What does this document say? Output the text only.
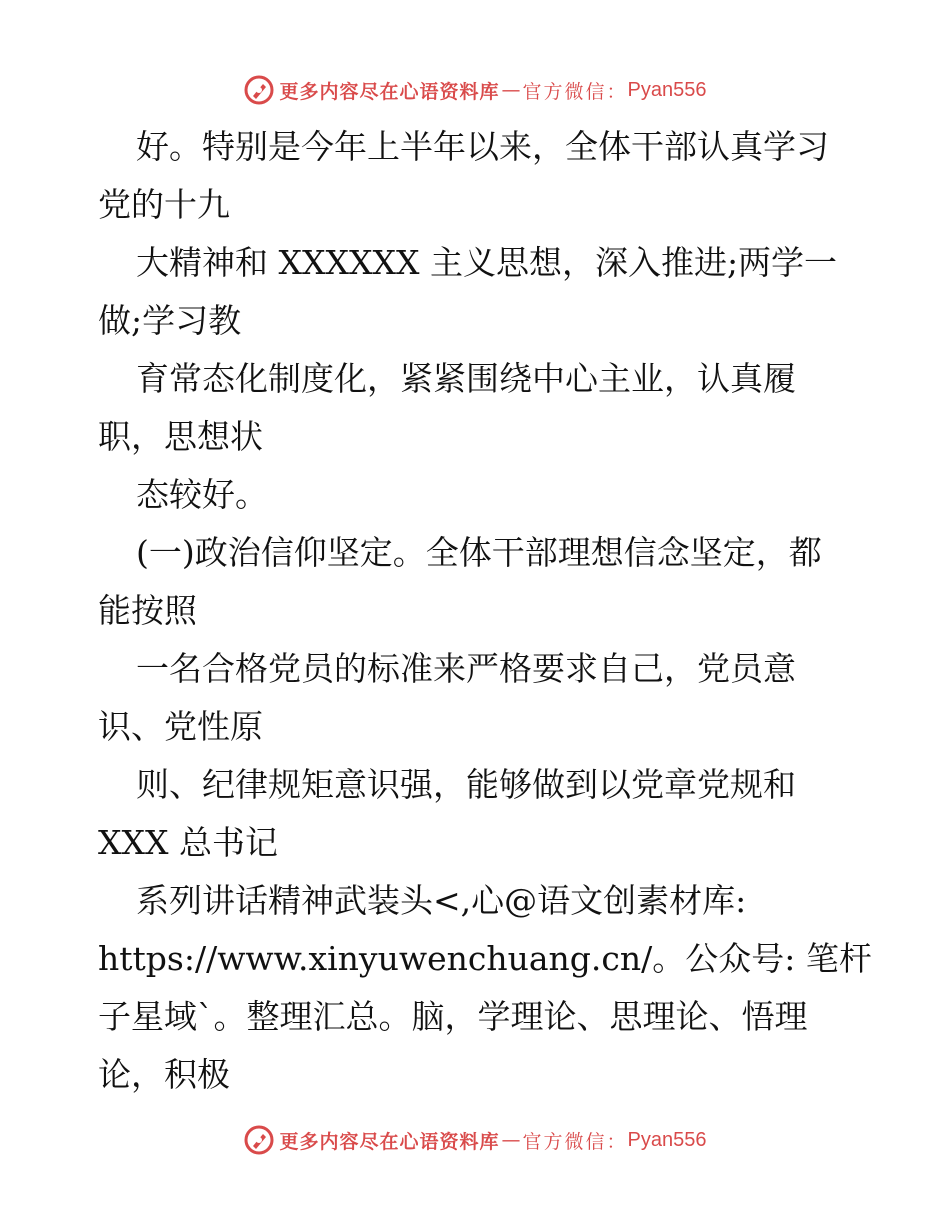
更多内容尽在心语资料库 — 官方微信： Pyan556
好。特别是今年上半年以来，全体干部认真学习
党的十九
大精神和 XXXXXX 主义思想，深入推进;两学一
做;学习教
育常态化制度化，紧紧围绕中心主业，认真履
职，思想状
态较好。
(一)政治信仰坚定。全体干部理想信念坚定，都
能按照
一名合格党员的标准来严格要求自己，党员意
识、党性原
则、纪律规矩意识强，能够做到以党章党规和
XXX 总书记
系列讲话精神武装头<,心@语文创素材库:
https://www.xinyuwenchuang.cn/。公众号: 笔杆
子星域`。整理汇总。脑，学理论、思理论、悟理
论，积极
更多内容尽在心语资料库 — 官方微信： Pyan556
